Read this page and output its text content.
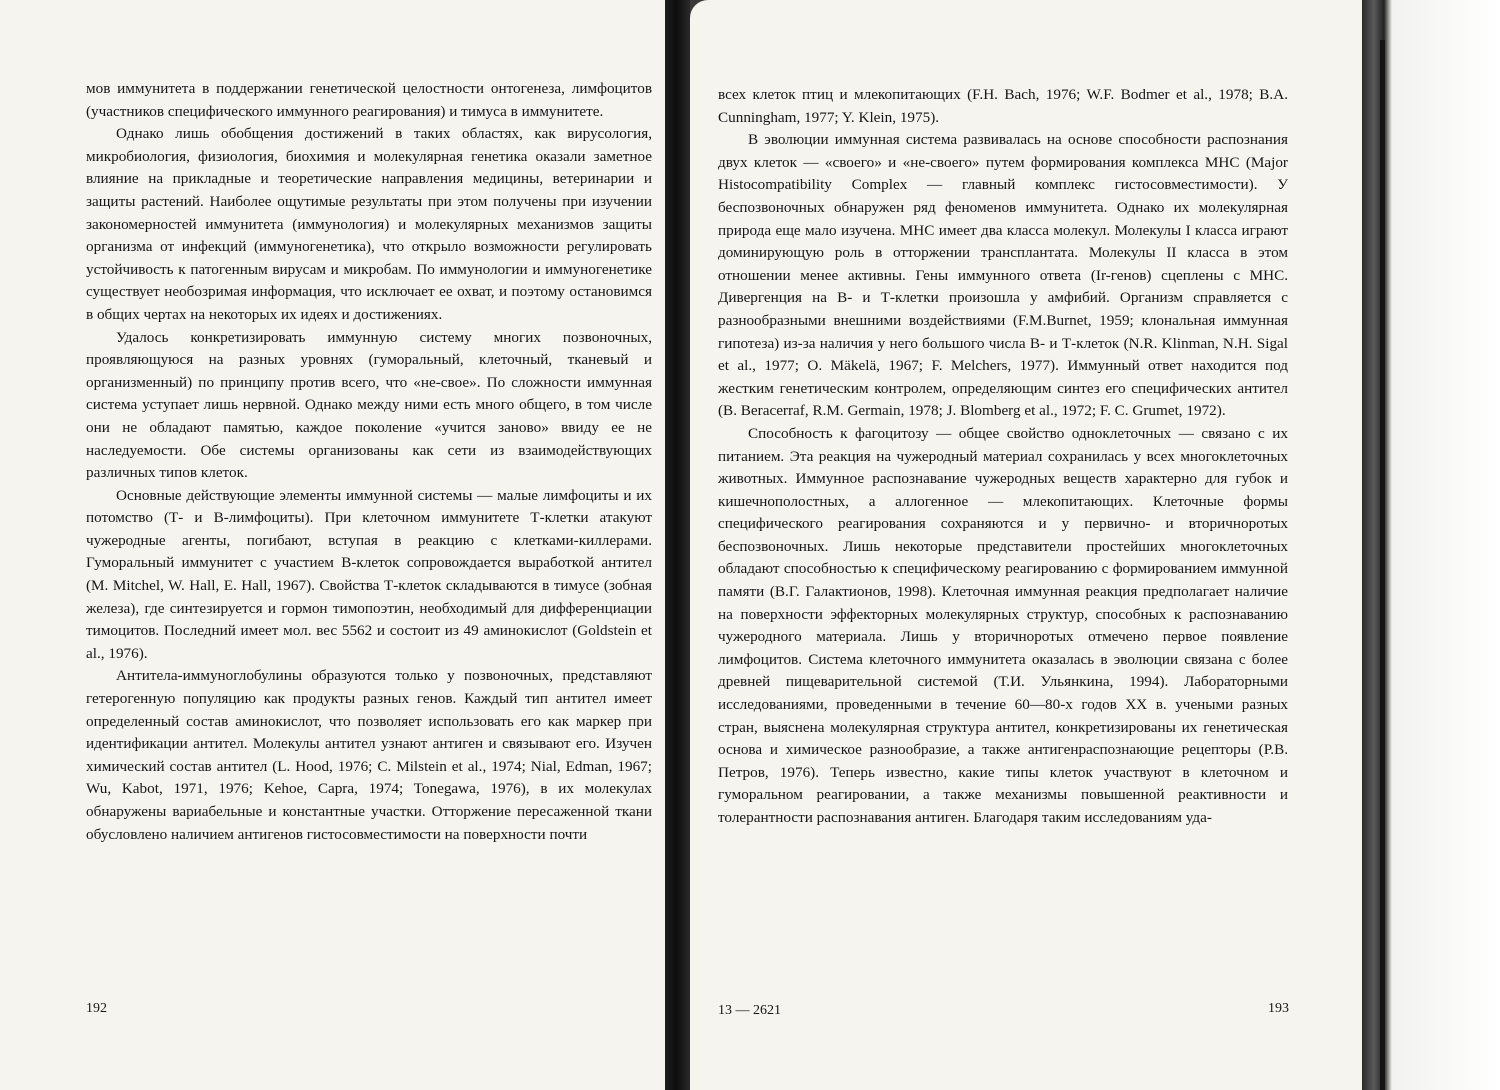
мов иммунитета в поддержании генетической целостности онтогенеза, лимфоцитов (участников специфического иммунного реагирования) и тимуса в иммунитете.

Однако лишь обобщения достижений в таких областях, как вирусология, микробиология, физиология, биохимия и молекулярная генетика оказали заметное влияние на прикладные и теоретические направления медицины, ветеринарии и защиты растений. Наиболее ощутимые результаты при этом получены при изучении закономерностей иммунитета (иммунология) и молекулярных механизмов защиты организма от инфекций (иммуногенетика), что открыло возможности регулировать устойчивость к патогенным вирусам и микробам. По иммунологии и иммуногенетике существует необозримая информация, что исключает ее охват, и поэтому остановимся в общих чертах на некоторых их идеях и достижениях.

Удалось конкретизировать иммунную систему многих позвоночных, проявляющуюся на разных уровнях (гуморальный, клеточный, тканевый и организменный) по принципу против всего, что «не-свое». По сложности иммунная система уступает лишь нервной. Однако между ними есть много общего, в том числе они не обладают памятью, каждое поколение «учится заново» ввиду ее не наследуемости. Обе системы организованы как сети из взаимодействующих различных типов клеток.

Основные действующие элементы иммунной системы — малые лимфоциты и их потомство (Т- и В-лимфоциты). При клеточном иммунитете Т-клетки атакуют чужеродные агенты, погибают, вступая в реакцию с клетками-киллерами. Гуморальный иммунитет с участием В-клеток сопровождается выработкой антител (M. Mitchel, W. Hall, E. Hall, 1967). Свойства Т-клеток складываются в тимусе (зобная железа), где синтезируется и гормон тимопоэтин, необходимый для дифференциации тимоцитов. Последний имеет мол. вес 5562 и состоит из 49 аминокислот (Goldstein et al., 1976).

Антитела-иммуноглобулины образуются только у позвоночных, представляют гетерогенную популяцию как продукты разных генов. Каждый тип антител имеет определенный состав аминокислот, что позволяет использовать его как маркер при идентификации антител. Молекулы антител узнают антиген и связывают его. Изучен химический состав антител (L. Hood, 1976; C. Milstein et al., 1974; Nial, Edman, 1967; Wu, Kabot, 1971, 1976; Kehoe, Capra, 1974; Tonegawa, 1976), в их молекулах обнаружены вариабельные и константные участки. Отторжение пересаженной ткани обусловлено наличием антигенов гистосовместимости на поверхности почти

192

всех клеток птиц и млекопитающих (F.H. Bach, 1976; W.F. Bodmer et al., 1978; B.A. Cunningham, 1977; Y. Klein, 1975).

В эволюции иммунная система развивалась на основе способности распознания двух клеток — «своего» и «не-своего» путем формирования комплекса МНС (Major Histocompatibility Complex — главный комплекс гистосовместимости). У беспозвоночных обнаружен ряд феноменов иммунитета. Однако их молекулярная природа еще мало изучена. МНС имеет два класса молекул. Молекулы I класса играют доминирующую роль в отторжении трансплантата. Молекулы II класса в этом отношении менее активны. Гены иммунного ответа (Ir-генов) сцеплены с МНС. Дивергенция на В- и Т-клетки произошла у амфибий. Организм справляется с разнообразными внешними воздействиями (F.M.Burnet, 1959; клональная иммунная гипотеза) из-за наличия у него большого числа В- и Т-клеток (N.R. Klinman, N.H. Sigal et al., 1977; O. Mäkelä, 1967; F. Melchers, 1977). Иммунный ответ находится под жестким генетическим контролем, определяющим синтез его специфических антител (B. Beracerraf, R.M. Germain, 1978; J. Blomberg et al., 1972; F. C. Grumet, 1972).

Способность к фагоцитозу — общее свойство одноклеточных — связано с их питанием. Эта реакция на чужеродный материал сохранилась у всех многоклеточных животных. Иммунное распознавание чужеродных веществ характерно для губок и кишечнополостных, а аллогенное — млекопитающих. Клеточные формы специфического реагирования сохраняются и у первично- и вторичноротых беспозвоночных. Лишь некоторые представители простейших многоклеточных обладают способностью к специфическому реагированию с формированием иммунной памяти (В.Г. Галактионов, 1998). Клеточная иммунная реакция предполагает наличие на поверхности эффекторных молекулярных структур, способных к распознаванию чужеродного материала. Лишь у вторичноротых отмечено первое появление лимфоцитов. Система клеточного иммунитета оказалась в эволюции связана с более древней пищеварительной системой (Т.И. Ульянкина, 1994). Лабораторными исследованиями, проведенными в течение 60—80-х годов XX в. учеными разных стран, выяснена молекулярная структура антител, конкретизированы их генетическая основа и химическое разнообразие, а также антигенраспознающие рецепторы (Р.В. Петров, 1976). Теперь известно, какие типы клеток участвуют в клеточном и гуморальном реагировании, а также механизмы повышенной реактивности и толерантности распознавания антиген. Благодаря таким исследованиям уда-

13 — 2621	193
